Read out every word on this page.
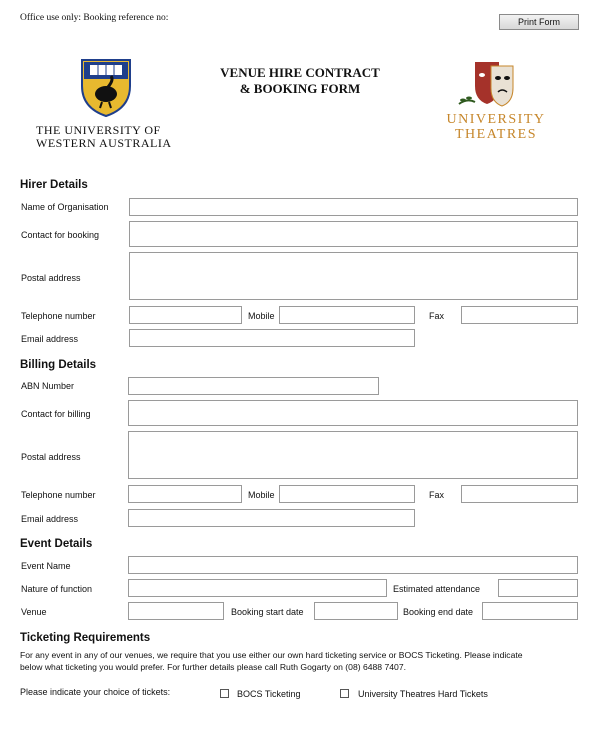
Office use only: Booking reference no:	Print Form
THE UNIVERSITY OF
WESTERN AUSTRALIA
VENUE HIRE CONTRACT
& BOOKING FORM
UNIVERSITY
THEATRES
Hirer Details
Name of Organisation
Contact for booking
Postal address
Telephone number	Mobile	Fax
Email address
Billing Details
ABN Number
Contact for billing
Postal address
Telephone number	Mobile	Fax
Email address
Event Details
Event Name
Nature of function	Estimated attendance
Venue	Booking start date	Booking end date
Ticketing Requirements
For any event in any of our venues, we require that you use either our own hard ticketing service or BOCS Ticketing. Please indicate
below what ticketing you would prefer. For further details please call Ruth Gogarty on (08) 6488 7407.
Please indicate your choice of tickets:	BOCS Ticketing	University Theatres Hard Tickets
